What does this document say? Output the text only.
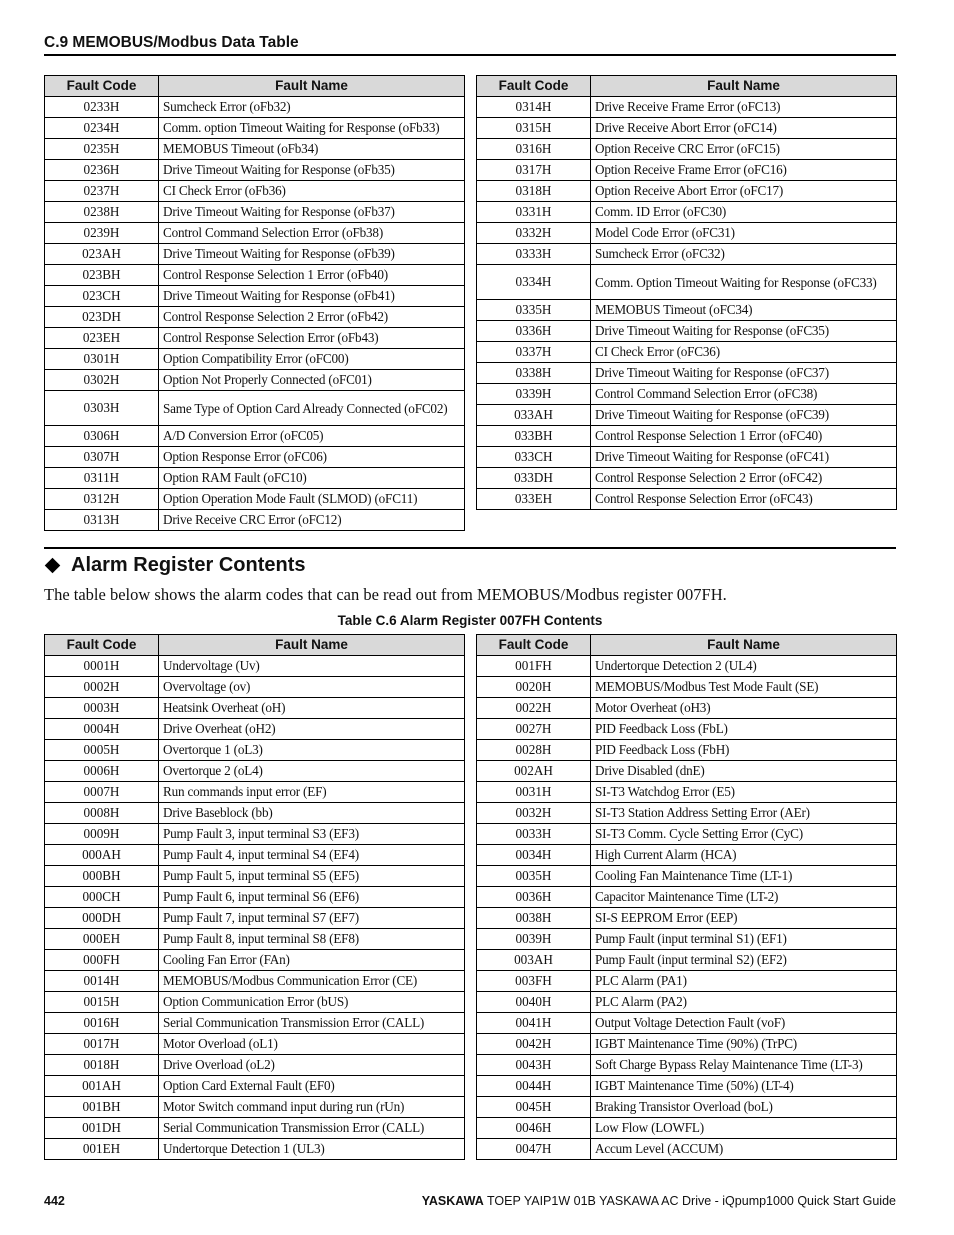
C.9 MEMOBUS/Modbus Data Table
Fault Code	Fault Name
0233H	Sumcheck Error (oFb32)
0234H	Comm. option Timeout Waiting for Response (oFb33)
0235H	MEMOBUS Timeout (oFb34)
0236H	Drive Timeout Waiting for Response (oFb35)
0237H	CI Check Error (oFb36)
0238H	Drive Timeout Waiting for Response (oFb37)
0239H	Control Command Selection Error (oFb38)
023AH	Drive Timeout Waiting for Response (oFb39)
023BH	Control Response Selection 1 Error (oFb40)
023CH	Drive Timeout Waiting for Response (oFb41)
023DH	Control Response Selection 2 Error (oFb42)
023EH	Control Response Selection Error (oFb43)
0301H	Option Compatibility Error (oFC00)
0302H	Option Not Properly Connected (oFC01)
0303H	Same Type of Option Card Already Connected (oFC02)
0306H	A/D Conversion Error (oFC05)
0307H	Option Response Error (oFC06)
0311H	Option RAM Fault (oFC10)
0312H	Option Operation Mode Fault (SLMOD) (oFC11)
0313H	Drive Receive CRC Error (oFC12)
Fault Code	Fault Name
0314H	Drive Receive Frame Error (oFC13)
0315H	Drive Receive Abort Error (oFC14)
0316H	Option Receive CRC Error (oFC15)
0317H	Option Receive Frame Error (oFC16)
0318H	Option Receive Abort Error (oFC17)
0331H	Comm. ID Error (oFC30)
0332H	Model Code Error (oFC31)
0333H	Sumcheck Error (oFC32)
0334H	Comm. Option Timeout Waiting for Response (oFC33)
0335H	MEMOBUS Timeout (oFC34)
0336H	Drive Timeout Waiting for Response (oFC35)
0337H	CI Check Error (oFC36)
0338H	Drive Timeout Waiting for Response (oFC37)
0339H	Control Command Selection Error (oFC38)
033AH	Drive Timeout Waiting for Response (oFC39)
033BH	Control Response Selection 1 Error (oFC40)
033CH	Drive Timeout Waiting for Response (oFC41)
033DH	Control Response Selection 2 Error (oFC42)
033EH	Control Response Selection Error (oFC43)
Alarm Register Contents
The table below shows the alarm codes that can be read out from MEMOBUS/Modbus register 007FH.
Table C.6 Alarm Register 007FH Contents
Fault Code	Fault Name
0001H	Undervoltage (Uv)
0002H	Overvoltage (ov)
0003H	Heatsink Overheat (oH)
0004H	Drive Overheat (oH2)
0005H	Overtorque 1 (oL3)
0006H	Overtorque 2 (oL4)
0007H	Run commands input error (EF)
0008H	Drive Baseblock (bb)
0009H	Pump Fault 3, input terminal S3 (EF3)
000AH	Pump Fault 4, input terminal S4 (EF4)
000BH	Pump Fault 5, input terminal S5 (EF5)
000CH	Pump Fault 6, input terminal S6 (EF6)
000DH	Pump Fault 7, input terminal S7 (EF7)
000EH	Pump Fault 8, input terminal S8 (EF8)
000FH	Cooling Fan Error (FAn)
0014H	MEMOBUS/Modbus Communication Error (CE)
0015H	Option Communication Error (bUS)
0016H	Serial Communication Transmission Error (CALL)
0017H	Motor Overload (oL1)
0018H	Drive Overload (oL2)
001AH	Option Card External Fault (EF0)
001BH	Motor Switch command input during run (rUn)
001DH	Serial Communication Transmission Error (CALL)
001EH	Undertorque Detection 1 (UL3)
Fault Code	Fault Name
001FH	Undertorque Detection 2 (UL4)
0020H	MEMOBUS/Modbus Test Mode Fault (SE)
0022H	Motor Overheat (oH3)
0027H	PID Feedback Loss (FbL)
0028H	PID Feedback Loss (FbH)
002AH	Drive Disabled (dnE)
0031H	SI-T3 Watchdog Error (E5)
0032H	SI-T3 Station Address Setting Error (AEr)
0033H	SI-T3 Comm. Cycle Setting Error (CyC)
0034H	High Current Alarm (HCA)
0035H	Cooling Fan Maintenance Time (LT-1)
0036H	Capacitor Maintenance Time (LT-2)
0038H	SI-S EEPROM Error (EEP)
0039H	Pump Fault (input terminal S1) (EF1)
003AH	Pump Fault (input terminal S2) (EF2)
003FH	PLC Alarm (PA1)
0040H	PLC Alarm (PA2)
0041H	Output Voltage Detection Fault (voF)
0042H	IGBT Maintenance Time (90%) (TrPC)
0043H	Soft Charge Bypass Relay Maintenance Time (LT-3)
0044H	IGBT Maintenance Time (50%) (LT-4)
0045H	Braking Transistor Overload (boL)
0046H	Low Flow (LOWFL)
0047H	Accum Level (ACCUM)
442	YASKAWA TOEP YAIP1W 01B YASKAWA AC Drive - iQpump1000 Quick Start Guide
